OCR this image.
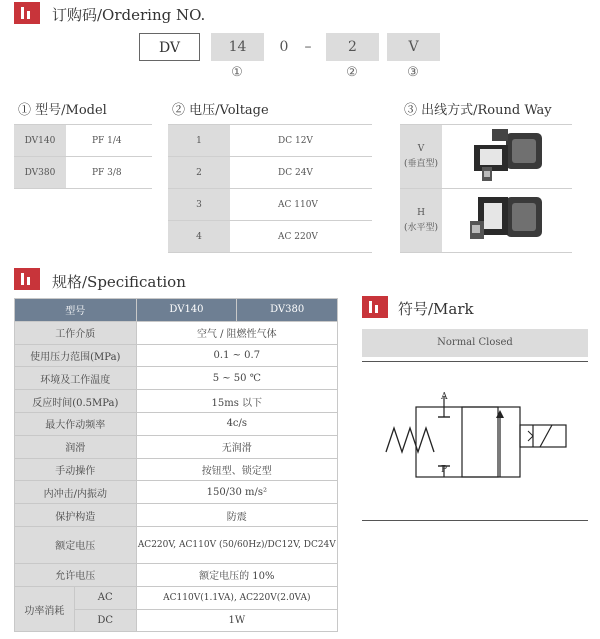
订购码/Ordering NO.
DV	14	0	–	2	V
①	②	③
① 型号/Model
DV140	PF 1/4
DV380	PF 3/8
② 电压/Voltage
1	DC 12V
2	DC 24V
3	AC 110V
4	AC 220V
③ 出线方式/Round Way
V
(垂直型)

H
(水平型)

规格/Specification
型号		DV140	DV380
工作介质		空气 / 阻燃性气体	
使用压力范围(MPa)		0.1 ~ 0.7	
环境及工作温度		5 ~ 50 ℃	
反应时间(0.5MPa)		15ms 以下	
最大作动频率		4c/s	
润滑		无润滑	
手动操作		按钮型、锁定型	
内冲击/内振动		150/30 m/s²	
保护构造		防震	
额定电压		AC220V, AC110V (50/60Hz)/DC12V, DC24V	
允许电压		额定电压的 10%	
功率消耗	AC	AC110V(1.1VA), AC220V(2.0VA)	
	DC	1W	
符号/Mark
Normal Closed
A
P
